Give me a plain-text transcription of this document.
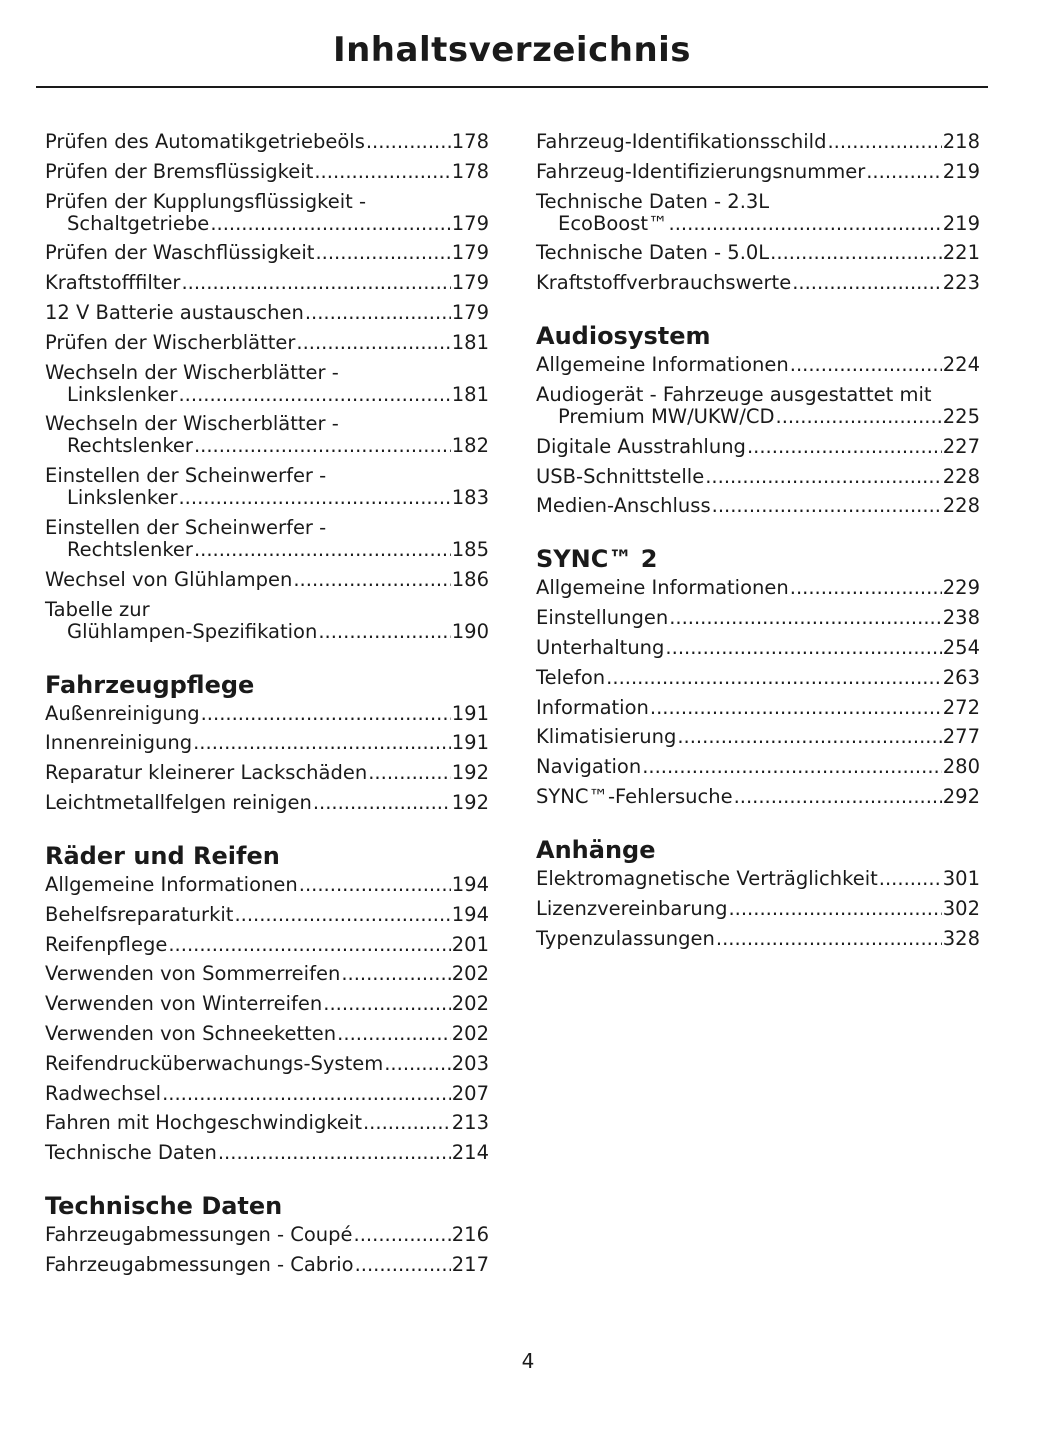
Inhaltsverzeichnis
Prüfen des Automatikgetriebeöls .....	178
Prüfen der Bremsflüssigkeit .....	178
Prüfen der Kupplungsflüssigkeit -
Schaltgetriebe .....	179
Prüfen der Waschflüssigkeit .....	179
Kraftstofffilter .....	179
12 V Batterie austauschen .....	179
Prüfen der Wischerblätter .....	181
Wechseln der Wischerblätter -
Linkslenker .....	181
Wechseln der Wischerblätter -
Rechtslenker .....	182
Einstellen der Scheinwerfer -
Linkslenker .....	183
Einstellen der Scheinwerfer -
Rechtslenker .....	185
Wechsel von Glühlampen .....	186
Tabelle zur
Glühlampen-Spezifikation .....	190
Fahrzeugpflege
Außenreinigung .....	191
Innenreinigung .....	191
Reparatur kleinerer Lackschäden .....	192
Leichtmetallfelgen reinigen .....	192
Räder und Reifen
Allgemeine Informationen .....	194
Behelfsreparaturkit .....	194
Reifenpflege .....	201
Verwenden von Sommerreifen .....	202
Verwenden von Winterreifen .....	202
Verwenden von Schneeketten .....	202
Reifendrucküberwachungs-System .....	203
Radwechsel .....	207
Fahren mit Hochgeschwindigkeit .....	213
Technische Daten .....	214
Technische Daten
Fahrzeugabmessungen - Coupé .....	216
Fahrzeugabmessungen - Cabrio .....	217
Fahrzeug-Identifikationsschild .....	218
Fahrzeug-Identifizierungsnummer .....	219
Technische Daten - 2.3L
EcoBoost™ .....	219
Technische Daten - 5.0L .....	221
Kraftstoffverbrauchswerte .....	223
Audiosystem
Allgemeine Informationen .....	224
Audiogerät - Fahrzeuge ausgestattet mit
Premium MW/UKW/CD .....	225
Digitale Ausstrahlung .....	227
USB-Schnittstelle .....	228
Medien-Anschluss .....	228
SYNC™ 2
Allgemeine Informationen .....	229
Einstellungen .....	238
Unterhaltung .....	254
Telefon .....	263
Information .....	272
Klimatisierung .....	277
Navigation .....	280
SYNC™-Fehlersuche .....	292
Anhänge
Elektromagnetische Verträglichkeit .....	301
Lizenzvereinbarung .....	302
Typenzulassungen .....	328
4
